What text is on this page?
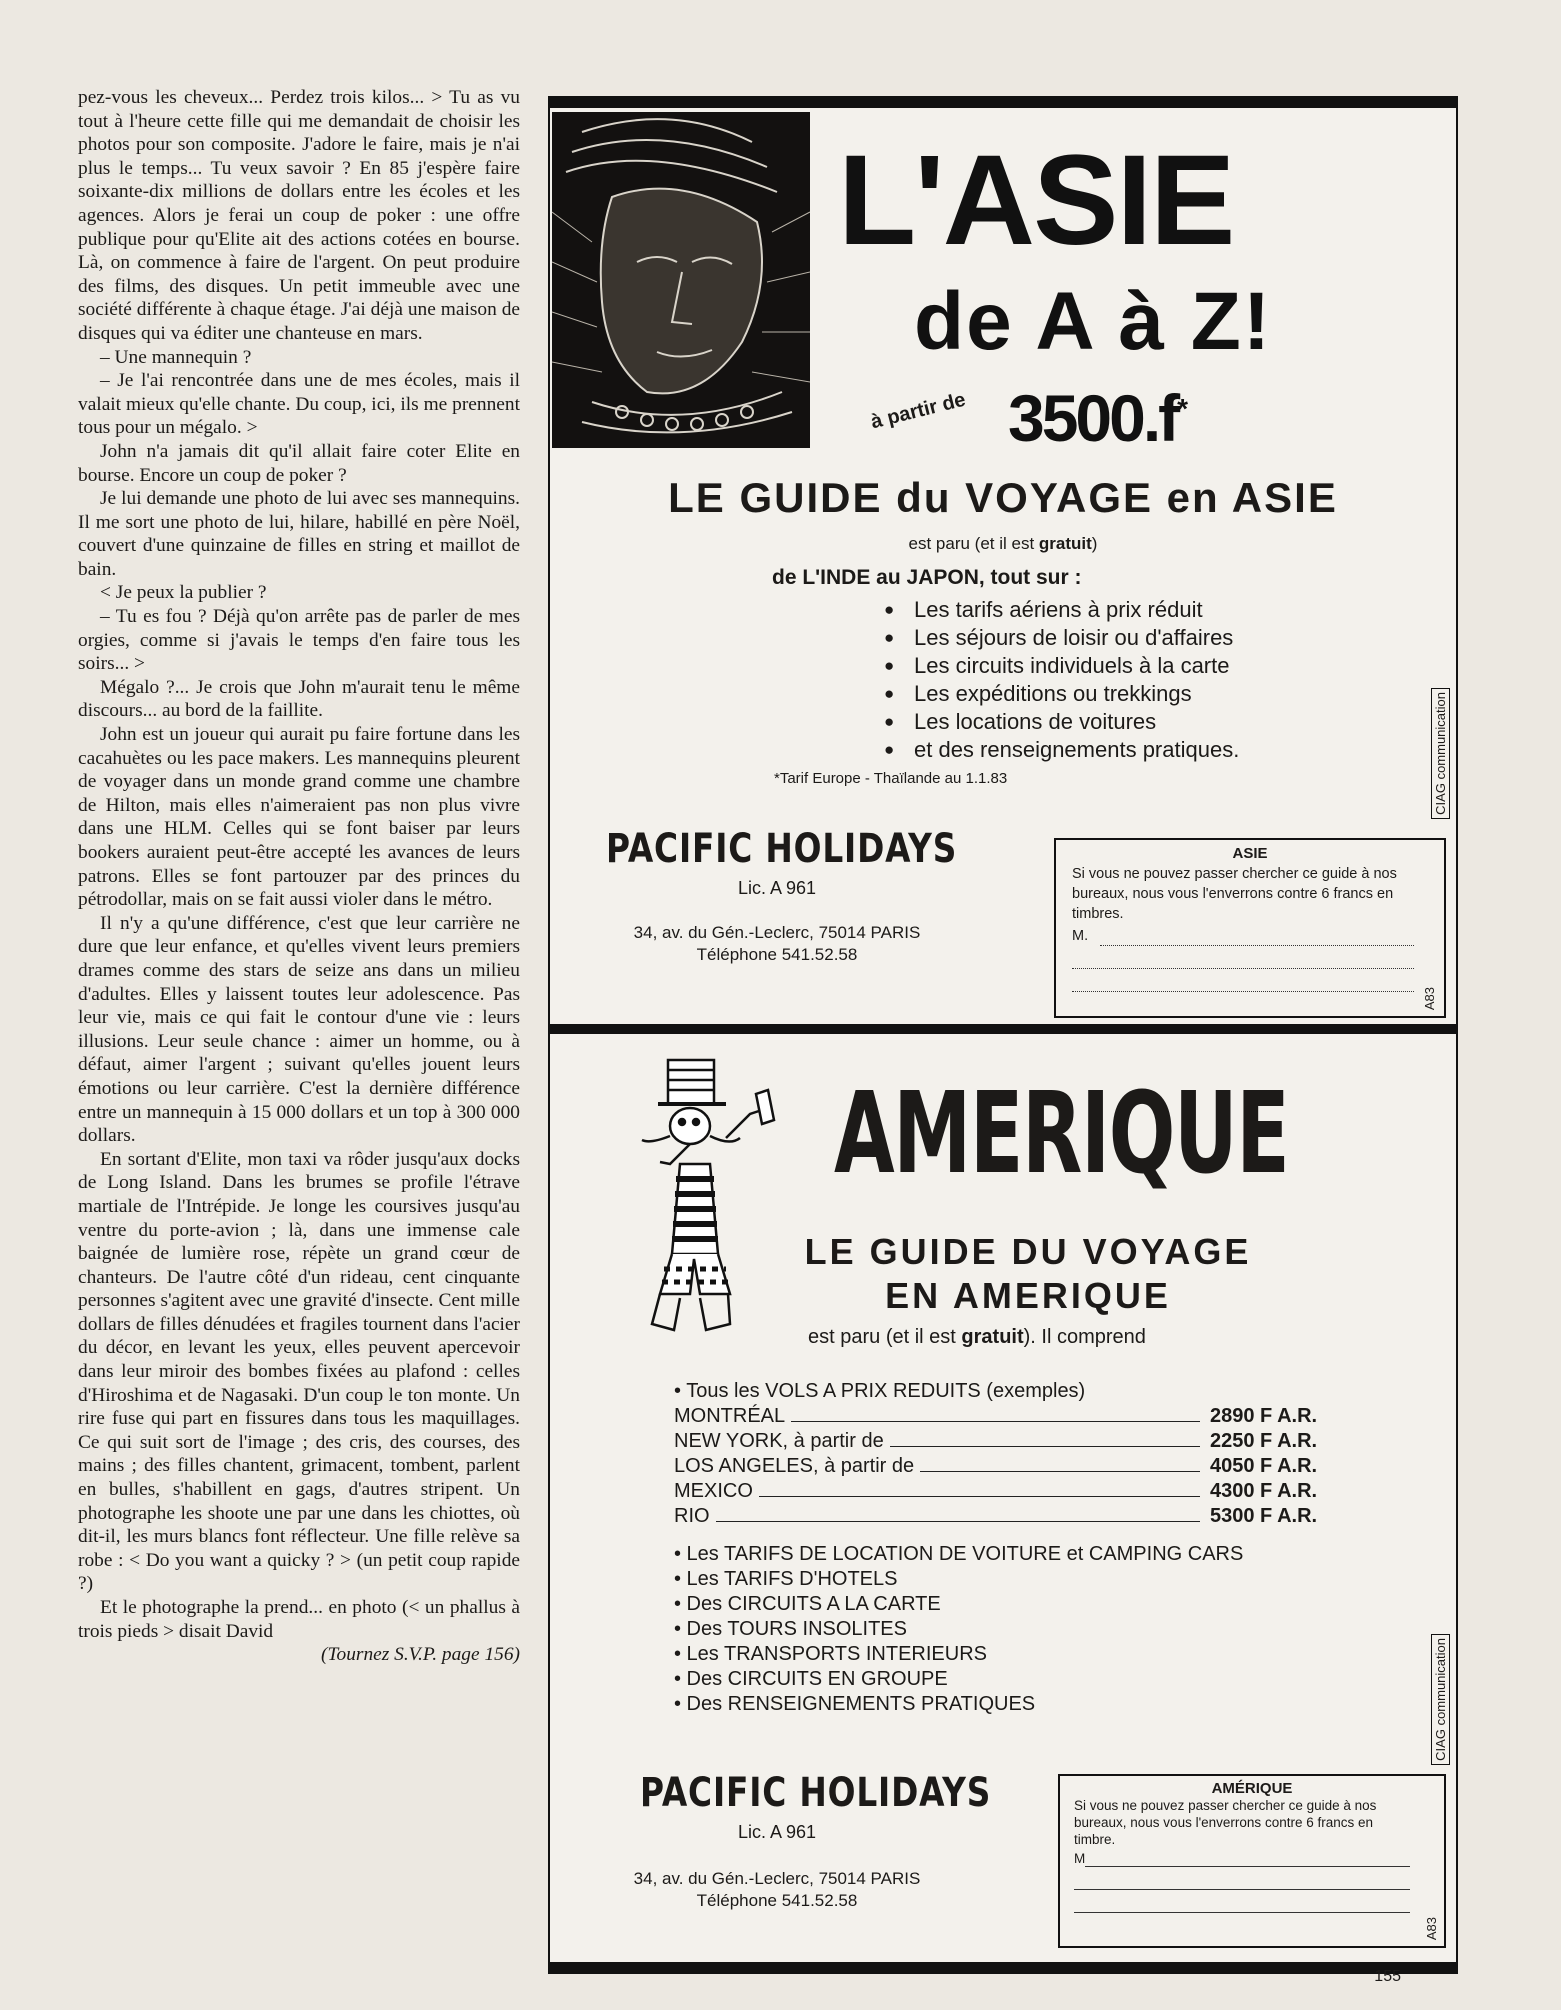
pez-vous les cheveux... Perdez trois kilos... > Tu as vu tout à l'heure cette fille qui me demandait de choisir les photos pour son composite. J'adore le faire, mais je n'ai plus le temps... Tu veux savoir ? En 85 j'espère faire soixante-dix millions de dollars entre les écoles et les agences. Alors je ferai un coup de poker : une offre publique pour qu'Elite ait des actions cotées en bourse. Là, on commence à faire de l'argent. On peut produire des films, des disques. Un petit immeuble avec une société différente à chaque étage. J'ai déjà une maison de disques qui va éditer une chanteuse en mars.

– Une mannequin ?

– Je l'ai rencontrée dans une de mes écoles, mais il valait mieux qu'elle chante. Du coup, ici, ils me prennent tous pour un mégalo. >

John n'a jamais dit qu'il allait faire coter Elite en bourse. Encore un coup de poker ?

Je lui demande une photo de lui avec ses mannequins. Il me sort une photo de lui, hilare, habillé en père Noël, couvert d'une quinzaine de filles en string et maillot de bain.

< Je peux la publier ?

– Tu es fou ? Déjà qu'on arrête pas de parler de mes orgies, comme si j'avais le temps d'en faire tous les soirs... >

Mégalo ?... Je crois que John m'aurait tenu le même discours... au bord de la faillite.

John est un joueur qui aurait pu faire fortune dans les cacahuètes ou les pace makers. Les mannequins pleurent de voyager dans un monde grand comme une chambre de Hilton, mais elles n'aimeraient pas non plus vivre dans une HLM. Celles qui se font baiser par leurs bookers auraient peut-être accepté les avances de leurs patrons. Elles se font partouzer par des princes du pétrodollar, mais on se fait aussi violer dans le métro.

Il n'y a qu'une différence, c'est que leur carrière ne dure que leur enfance, et qu'elles vivent leurs premiers drames comme des stars de seize ans dans un milieu d'adultes. Elles y laissent toutes leur adolescence. Pas leur vie, mais ce qui fait le contour d'une vie : leurs illusions. Leur seule chance : aimer un homme, ou à défaut, aimer l'argent ; suivant qu'elles jouent leurs émotions ou leur carrière. C'est la dernière différence entre un mannequin à 15 000 dollars et un top à 300 000 dollars.

En sortant d'Elite, mon taxi va rôder jusqu'aux docks de Long Island. Dans les brumes se profile l'étrave martiale de l'Intrépide. Je longe les coursives jusqu'au ventre du porte-avion ; là, dans une immense cale baignée de lumière rose, répète un grand cœur de chanteurs. De l'autre côté d'un rideau, cent cinquante personnes s'agitent avec une gravité d'insecte. Cent mille dollars de filles dénudées et fragiles tournent dans l'acier du décor, en levant les yeux, elles peuvent apercevoir dans leur miroir des bombes fixées au plafond : celles d'Hiroshima et de Nagasaki. D'un coup le ton monte. Un rire fuse qui part en fissures dans tous les maquillages. Ce qui suit sort de l'image ; des cris, des courses, des mains ; des filles chantent, grimacent, tombent, parlent en bulles, s'habillent en gags, d'autres stripent. Un photographe les shoote une par une dans les chiottes, où dit-il, les murs blancs font réflecteur. Une fille relève sa robe : < Do you want a quicky ? > (un petit coup rapide ?)

Et le photographe la prend... en photo (< un phallus à trois pieds > disait David

(Tournez S.V.P. page 156)

L'ASIE
de A à Z!
à partir de 3500.f*
LE GUIDE du VOYAGE en ASIE
est paru (et il est gratuit)
de L'INDE au JAPON, tout sur :
● Les tarifs aériens à prix réduit
● Les séjours de loisir ou d'affaires
● Les circuits individuels à la carte
● Les expéditions ou trekkings
● Les locations de voitures
● et des renseignements pratiques.
*Tarif Europe - Thaïlande au 1.1.83	CIAG communication
PACIFIC HOLIDAYS
Lic. A 961
34, av. du Gén.-Leclerc, 75014 PARIS
Téléphone 541.52.58
ASIE
Si vous ne pouvez passer chercher ce guide à nos bureaux, nous vous l'enverrons contre 6 francs en timbres.
M.
A83
AMERIQUE
LE GUIDE DU VOYAGE
EN AMERIQUE
est paru (et il est gratuit). Il comprend
• Tous les VOLS A PRIX REDUITS (exemples)
MONTRÉAL	2890 F A.R.
NEW YORK, à partir de	2250 F A.R.
LOS ANGELES, à partir de	4050 F A.R.
MEXICO	4300 F A.R.
RIO	5300 F A.R.
• Les TARIFS DE LOCATION DE VOITURE et CAMPING CARS
• Les TARIFS D'HOTELS
• Des CIRCUITS A LA CARTE
• Des TOURS INSOLITES
• Les TRANSPORTS INTERIEURS
• Des CIRCUITS EN GROUPE
• Des RENSEIGNEMENTS PRATIQUES	CIAG communication
PACIFIC HOLIDAYS
Lic. A 961
34, av. du Gén.-Leclerc, 75014 PARIS
Téléphone 541.52.58
AMÉRIQUE
Si vous ne pouvez passer chercher ce guide à nos bureaux, nous vous l'enverrons contre 6 francs en timbre.
M
A83
155
